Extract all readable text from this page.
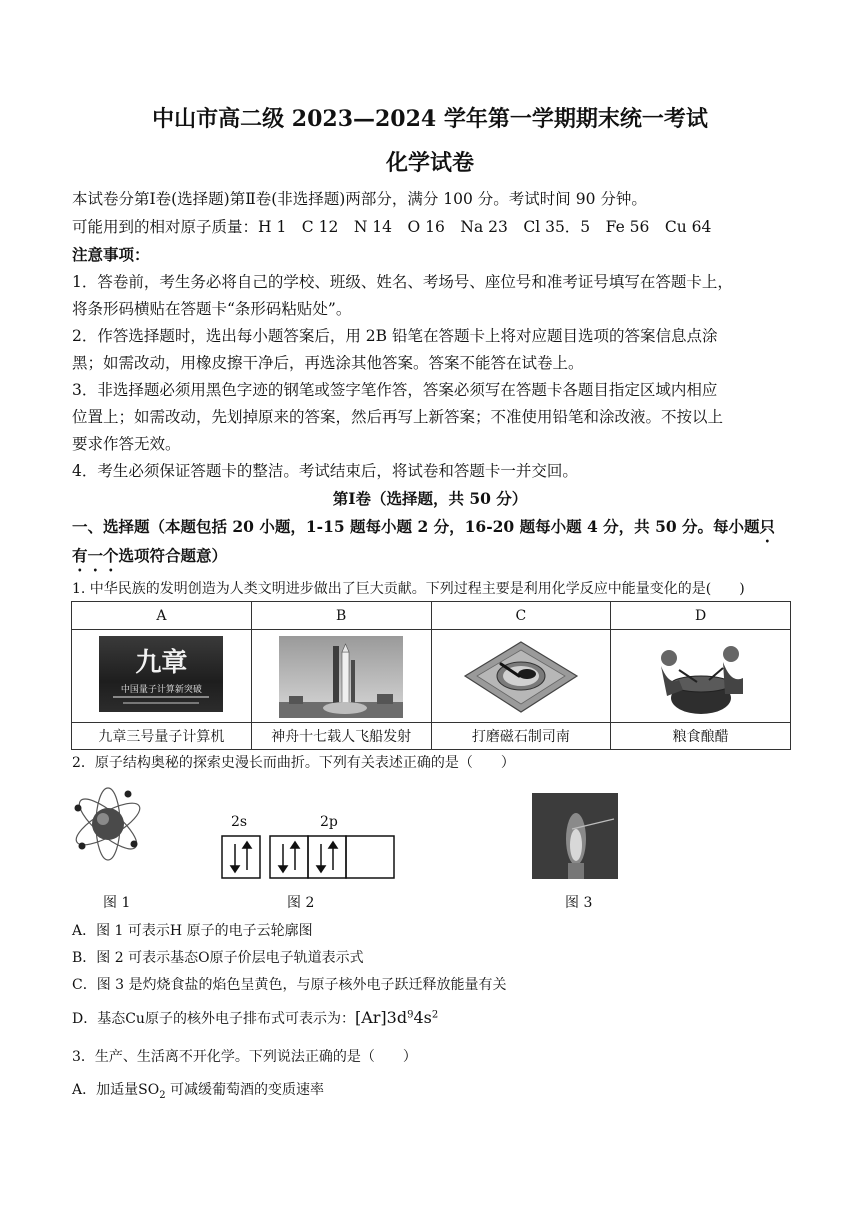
中山市高二级 2023—2024 学年第一学期期末统一考试
化学试卷
本试卷分第Ⅰ卷(选择题)第Ⅱ卷(非选择题)两部分，满分 100 分。考试时间 90 分钟。
可能用到的相对原子质量：H 1　C 12　N 14　O 16　Na 23　Cl 35．5　Fe 56　Cu 64
注意事项：
1．答卷前，考生务必将自己的学校、班级、姓名、考场号、座位号和准考证号填写在答题卡上，
将条形码横贴在答题卡“条形码粘贴处”。
2．作答选择题时，选出每小题答案后，用 2B 铅笔在答题卡上将对应题目选项的答案信息点涂
黑；如需改动，用橡皮擦干净后，再选涂其他答案。答案不能答在试卷上。
3．非选择题必须用黑色字迹的钢笔或签字笔作答，答案必须写在答题卡各题目指定区域内相应
位置上；如需改动，先划掉原来的答案，然后再写上新答案；不准使用铅笔和涂改液。不按以上
要求作答无效。
4．考生必须保证答题卡的整洁。考试结束后，将试卷和答题卡一并交回。
第Ⅰ卷（选择题，共 50 分）
一、选择题（本题包括 20 小题，1-15 题每小题 2 分，16-20 题每小题 4 分，共 50 分。每小题只
有一个选项符合题意）
1. 中华民族的发明创造为人类文明进步做出了巨大贡献。下列过程主要是利用化学反应中能量变化的是(　　)
A	B	C	D

九章
中国量子计算新突破

九章三号量子计算机	神舟十七载人飞船发射	打磨磁石制司南	粮食酿醋
2．原子结构奥秘的探索史漫长而曲折。下列有关表述正确的是（　　）
2s	2p
图 1	图 2	图 3
A．图 1 可表示H 原子的电子云轮廓图
B．图 2 可表示基态O原子价层电子轨道表示式
C．图 3 是灼烧食盐的焰色呈黄色，与原子核外电子跃迁释放能量有关
D．基态Cu原子的核外电子排布式可表示为：$[Ar]3d^94s^2$
3．生产、生活离不开化学。下列说法正确的是（　　）
A．加适量$SO_2$ 可减缓葡萄酒的变质速率
